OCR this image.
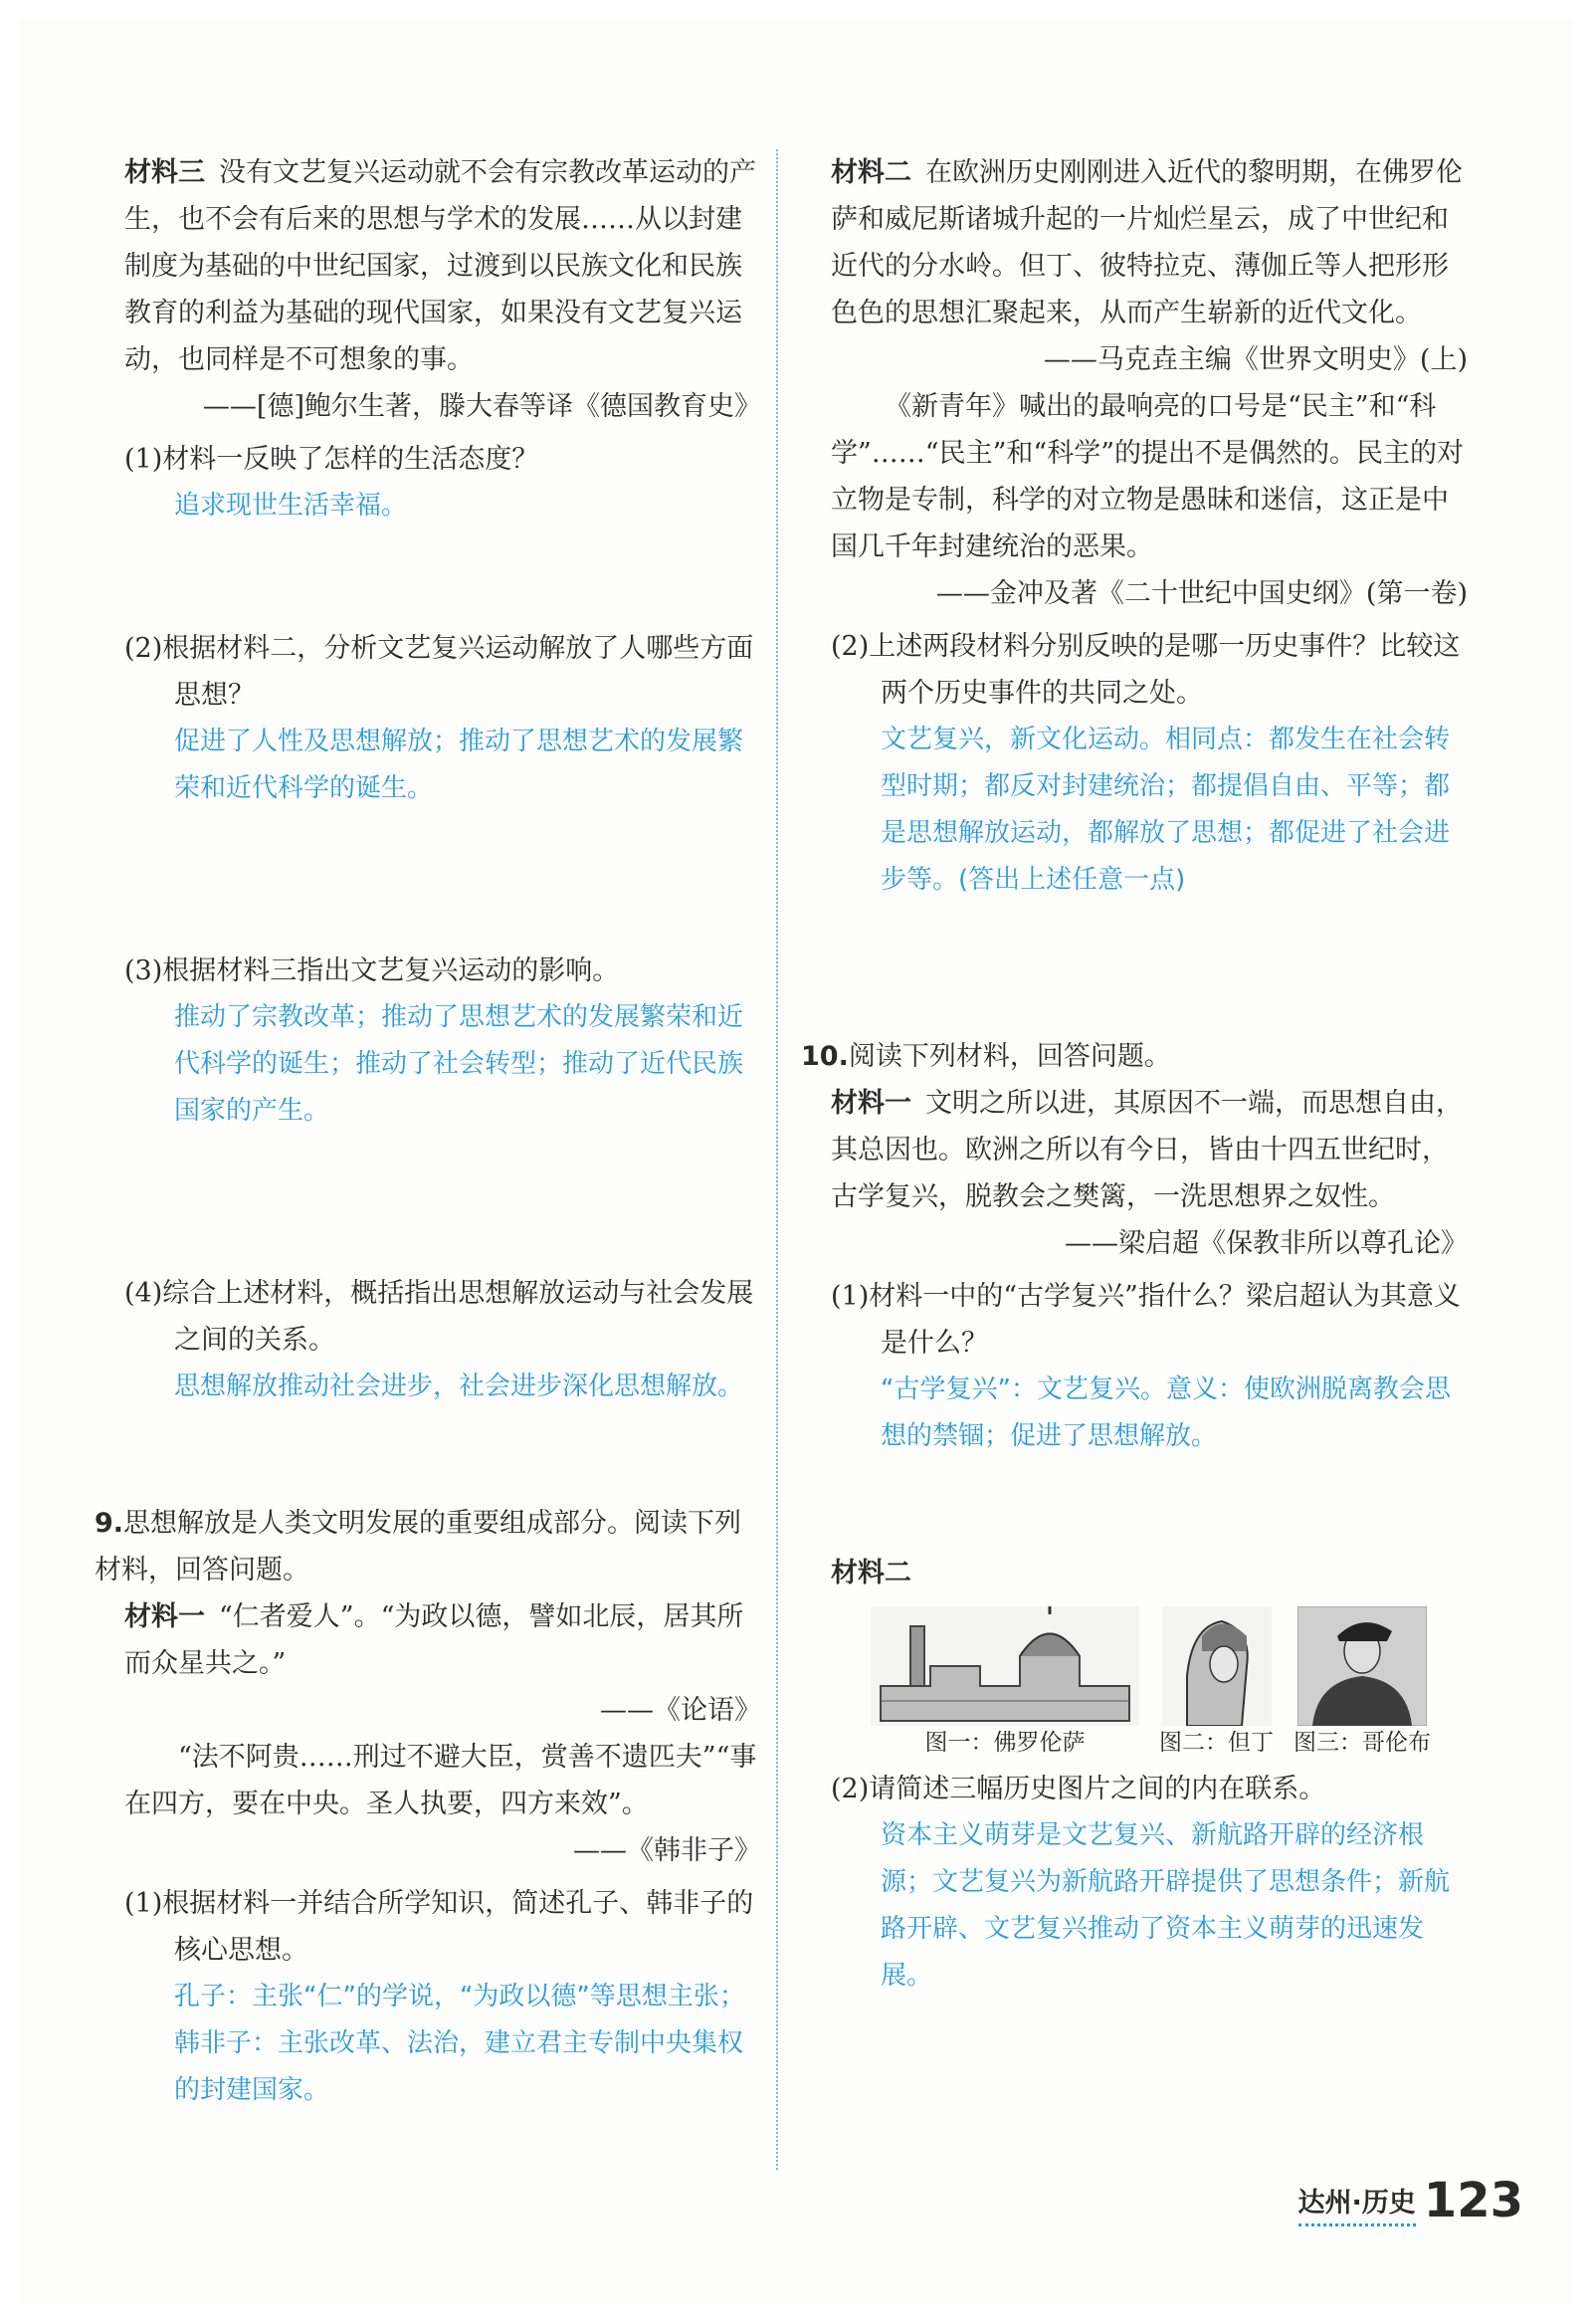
材料三 没有文艺复兴运动就不会有宗教改革运动的产生，也不会有后来的思想与学术的发展……从以封建制度为基础的中世纪国家，过渡到以民族文化和民族教育的利益为基础的现代国家，如果没有文艺复兴运动，也同样是不可想象的事。

——[德]鲍尔生著，滕大春等译《德国教育史》

(1)材料一反映了怎样的生活态度？

追求现世生活幸福。

(2)根据材料二，分析文艺复兴运动解放了人哪些方面思想？

促进了人性及思想解放；推动了思想艺术的发展繁荣和近代科学的诞生。

(3)根据材料三指出文艺复兴运动的影响。

推动了宗教改革；推动了思想艺术的发展繁荣和近代科学的诞生；推动了社会转型；推动了近代民族国家的产生。

(4)综合上述材料，概括指出思想解放运动与社会发展之间的关系。

思想解放推动社会进步，社会进步深化思想解放。

9.思想解放是人类文明发展的重要组成部分。阅读下列材料，回答问题。

材料一 “仁者爱人”。“为政以德，譬如北辰，居其所而众星共之。”

——《论语》

“法不阿贵……刑过不避大臣，赏善不遗匹夫”“事在四方，要在中央。圣人执要，四方来效”。

——《韩非子》

(1)根据材料一并结合所学知识，简述孔子、韩非子的核心思想。

孔子：主张“仁”的学说，“为政以德”等思想主张；韩非子：主张改革、法治，建立君主专制中央集权的封建国家。

材料二 在欧洲历史刚刚进入近代的黎明期，在佛罗伦萨和威尼斯诸城升起的一片灿烂星云，成了中世纪和近代的分水岭。但丁、彼特拉克、薄伽丘等人把形形色色的思想汇聚起来，从而产生崭新的近代文化。

——马克垚主编《世界文明史》(上)

《新青年》喊出的最响亮的口号是“民主”和“科学”……“民主”和“科学”的提出不是偶然的。民主的对立物是专制，科学的对立物是愚昧和迷信，这正是中国几千年封建统治的恶果。

——金冲及著《二十世纪中国史纲》(第一卷)

(2)上述两段材料分别反映的是哪一历史事件？比较这两个历史事件的共同之处。

文艺复兴，新文化运动。相同点：都发生在社会转型时期；都反对封建统治；都提倡自由、平等；都是思想解放运动，都解放了思想；都促进了社会进步等。(答出上述任意一点)

10.阅读下列材料，回答问题。

材料一 文明之所以进，其原因不一端，而思想自由，其总因也。欧洲之所以有今日，皆由十四五世纪时，古学复兴，脱教会之樊篱，一洗思想界之奴性。

——梁启超《保教非所以尊孔论》

(1)材料一中的“古学复兴”指什么？梁启超认为其意义是什么？

“古学复兴”：文艺复兴。意义：使欧洲脱离教会思想的禁锢；促进了思想解放。

材料二

图一：佛罗伦萨	图二：但丁 图三：哥伦布

(2)请简述三幅历史图片之间的内在联系。

资本主义萌芽是文艺复兴、新航路开辟的经济根源；文艺复兴为新航路开辟提供了思想条件；新航路开辟、文艺复兴推动了资本主义萌芽的迅速发展。

达州·历史 123
